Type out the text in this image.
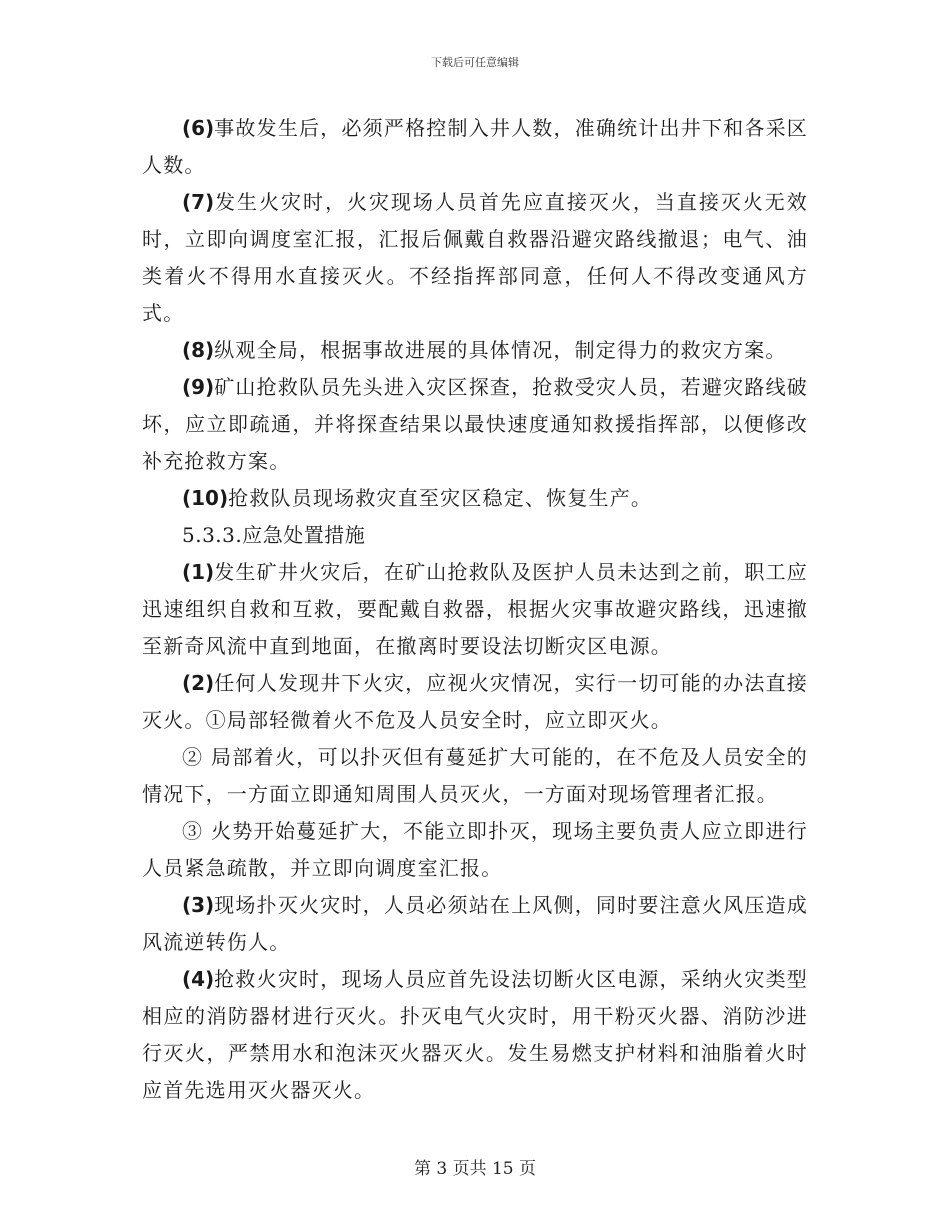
下载后可任意编辑

(6)事故发生后，必须严格控制入井人数，准确统计出井下和各采区人数。

(7)发生火灾时，火灾现场人员首先应直接灭火，当直接灭火无效时，立即向调度室汇报，汇报后佩戴自救器沿避灾路线撤退；电气、油类着火不得用水直接灭火。不经指挥部同意，任何人不得改变通风方式。

(8)纵观全局，根据事故进展的具体情况，制定得力的救灾方案。

(9)矿山抢救队员先头进入灾区探查，抢救受灾人员，若避灾路线破坏，应立即疏通，并将探查结果以最快速度通知救援指挥部，以便修改补充抢救方案。

(10)抢救队员现场救灾直至灾区稳定、恢复生产。

5.3.3.应急处置措施

(1)发生矿井火灾后，在矿山抢救队及医护人员未达到之前，职工应迅速组织自救和互救，要配戴自救器，根据火灾事故避灾路线，迅速撤至新奇风流中直到地面，在撤离时要设法切断灾区电源。

(2)任何人发现井下火灾，应视火灾情况，实行一切可能的办法直接灭火。①局部轻微着火不危及人员安全时，应立即灭火。

② 局部着火，可以扑灭但有蔓延扩大可能的，在不危及人员安全的情况下，一方面立即通知周围人员灭火，一方面对现场管理者汇报。

③ 火势开始蔓延扩大，不能立即扑灭，现场主要负责人应立即进行人员紧急疏散，并立即向调度室汇报。

(3)现场扑灭火灾时，人员必须站在上风侧，同时要注意火风压造成风流逆转伤人。

(4)抢救火灾时，现场人员应首先设法切断火区电源，采纳火灾类型相应的消防器材进行灭火。扑灭电气火灾时，用干粉灭火器、消防沙进行灭火，严禁用水和泡沫灭火器灭火。发生易燃支护材料和油脂着火时应首先选用灭火器灭火。

第 3 页共 15 页
